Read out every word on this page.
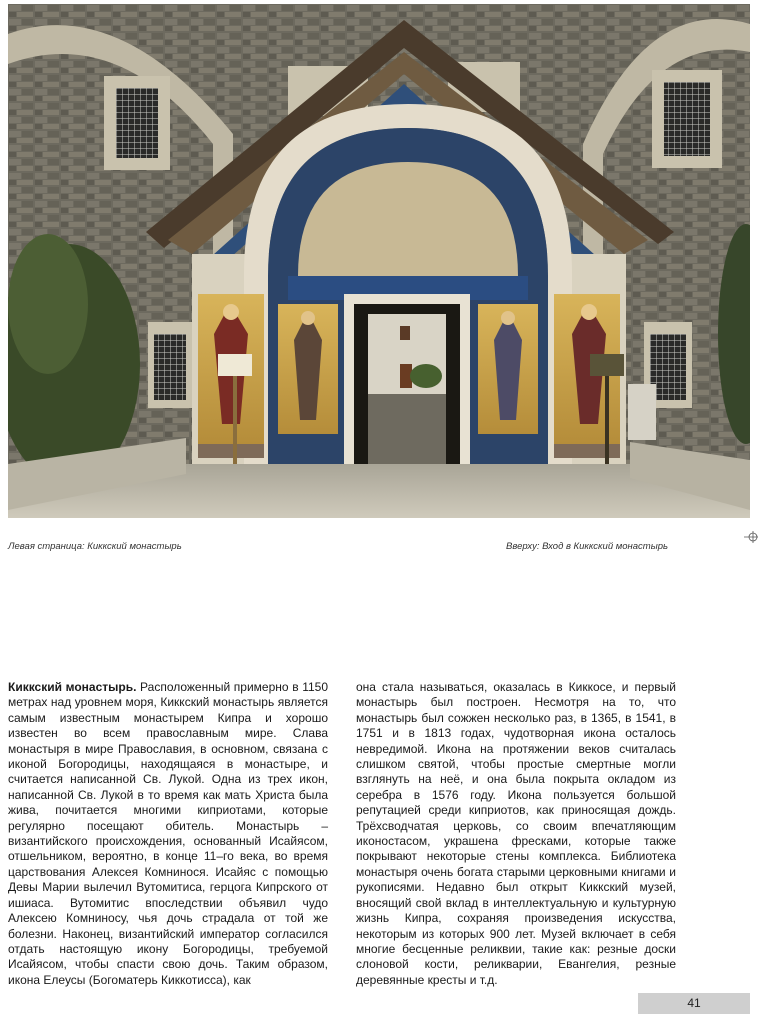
Левая страница: Киккский монастырь	Вверху: Вход в Киккский монастырь
Киккский монастырь. Расположенный примерно в 1150 метрах над уровнем моря, Киккский монастырь является самым известным монастырем Кипра и хорошо известен во всем православным мире. Слава монастыря в мире Православия, в основном, связана с иконой Богородицы, находящаяся в монастыре, и считается написанной Св. Лукой. Одна из трех икон, написанной Св. Лукой в то время как мать Христа была жива, почитается многими киприотами, которые регулярно посещают обитель. Монастырь – византийского происхождения, основанный Исайясом, отшельником, вероятно, в конце 11–го века, во время царствования Алексея Комнинося. Исайяс с помощью Девы Марии вылечил Вутомитиса, герцога Кипрского от ишиаса. Вутомитис впоследствии объявил чудо Алексею Комниносу, чья дочь страдала от той же болезни. Наконец, византийский император согласился отдать настоящую икону Богородицы, требуемой Исайясом, чтобы спасти свою дочь. Таким образом, икона Елеусы (Богоматерь Киккотисса), как
она стала называться, оказалась в Киккосе, и первый монастырь был построен. Несмотря на то, что монастырь был сожжен несколько раз, в 1365, в 1541, в 1751 и в 1813 годах, чудотворная икона осталось невредимой. Икона на протяжении веков считалась слишком святой, чтобы простые смертные могли взглянуть на неё, и она была покрыта окладом из серебра в 1576 году. Икона пользуется большой репутацией среди киприотов, как приносящая дождь. Трёхсводчатая церковь, со своим впечатляющим иконостасом, украшена фресками, которые также покрывают некоторые стены комплекса. Библиотека монастыря очень богата старыми церковными книгами и рукописями. Недавно был открыт Киккский музей, вносящий свой вклад в интеллектуальную и культурную жизнь Кипра, сохраняя произведения искусства, некоторым из которых 900 лет. Музей включает в себя многие бесценные реликвии, такие как: резные доски слоновой кости, реликварии, Евангелия, резные деревянные кресты и т.д.
41
